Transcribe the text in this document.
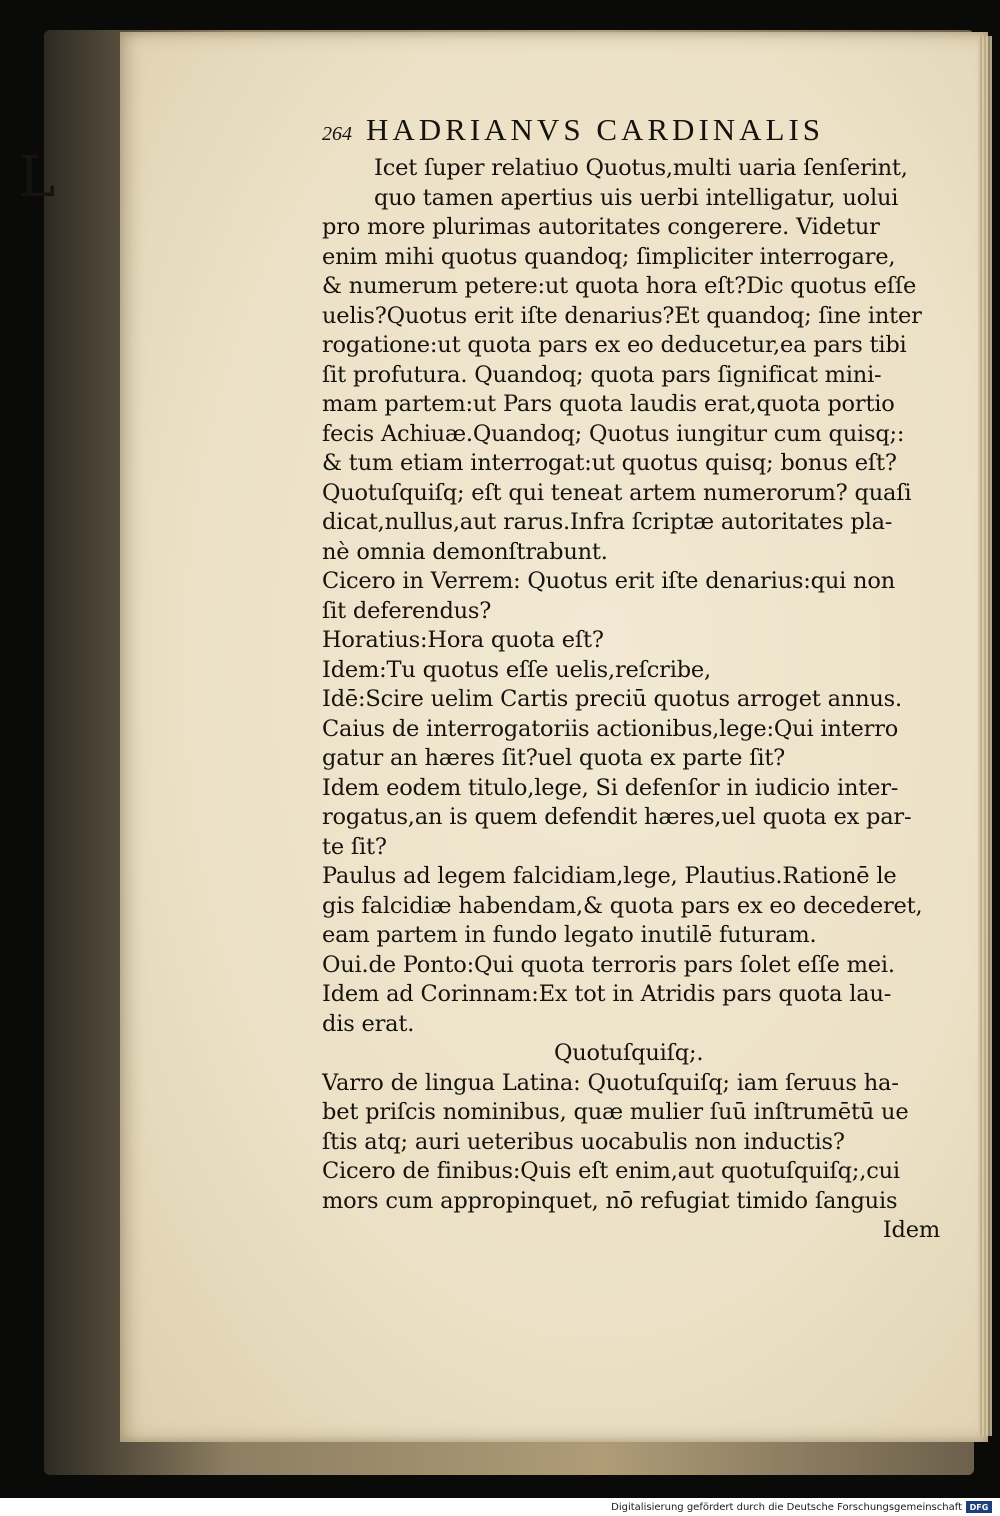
L
264 HADRIANVS CARDINALIS
Icet ſuper relatiuo Quotus,multi uaria ſenſerint,
quo tamen apertius uis uerbi intelligatur, uolui
pro more plurimas autoritates congerere. Videtur
enim mihi quotus quandoq; ſimpliciter interrogare,
& numerum petere:ut quota hora eſt?Dic quotus eſſe
uelis?Quotus erit iſte denarius?Et quandoq; ſine inter
rogatione:ut quota pars ex eo deducetur,ea pars tibi
ſit profutura. Quandoq; quota pars ſignificat mini-
mam partem:ut Pars quota laudis erat,quota portio
fecis Achiuæ.Quandoq; Quotus iungitur cum quisq;:
& tum etiam interrogat:ut quotus quisq; bonus eſt?
Quotuſquiſq; eſt qui teneat artem numerorum? quaſi
dicat,nullus,aut rarus.Infra ſcriptæ autoritates pla-
nè omnia demonſtrabunt.
Cicero in Verrem: Quotus erit iſte denarius:qui non
ſit deferendus?
Horatius:Hora quota eſt?
Idem:Tu quotus eſſe uelis,reſcribe,
Idē:Scire uelim Cartis preciū quotus arroget annus.
Caius de interrogatoriis actionibus,lege:Qui interro
gatur an hæres ſit?uel quota ex parte ſit?
Idem eodem titulo,lege, Si defenſor in iudicio inter-
rogatus,an is quem defendit hæres,uel quota ex par-
te ſit?
Paulus ad legem falcidiam,lege, Plautius.Rationē le
gis falcidiæ habendam,& quota pars ex eo decederet,
eam partem in fundo legato inutilē futuram.
Oui.de Ponto:Qui quota terroris pars ſolet eſſe mei.
Idem ad Corinnam:Ex tot in Atridis pars quota lau-
dis erat.
Quotuſquiſq;.
Varro de lingua Latina: Quotuſquiſq; iam ſeruus ha-
bet priſcis nominibus, quæ mulier ſuū inſtrumētū ue
ſtis atq; auri ueteribus uocabulis non inductis?
Cicero de finibus:Quis eſt enim,aut quotuſquiſq;,cui
mors cum appropinquet, nō refugiat timido ſanguis
Idem
Digitalisierung gefördert durch die Deutsche Forschungsgemeinschaft DFG
